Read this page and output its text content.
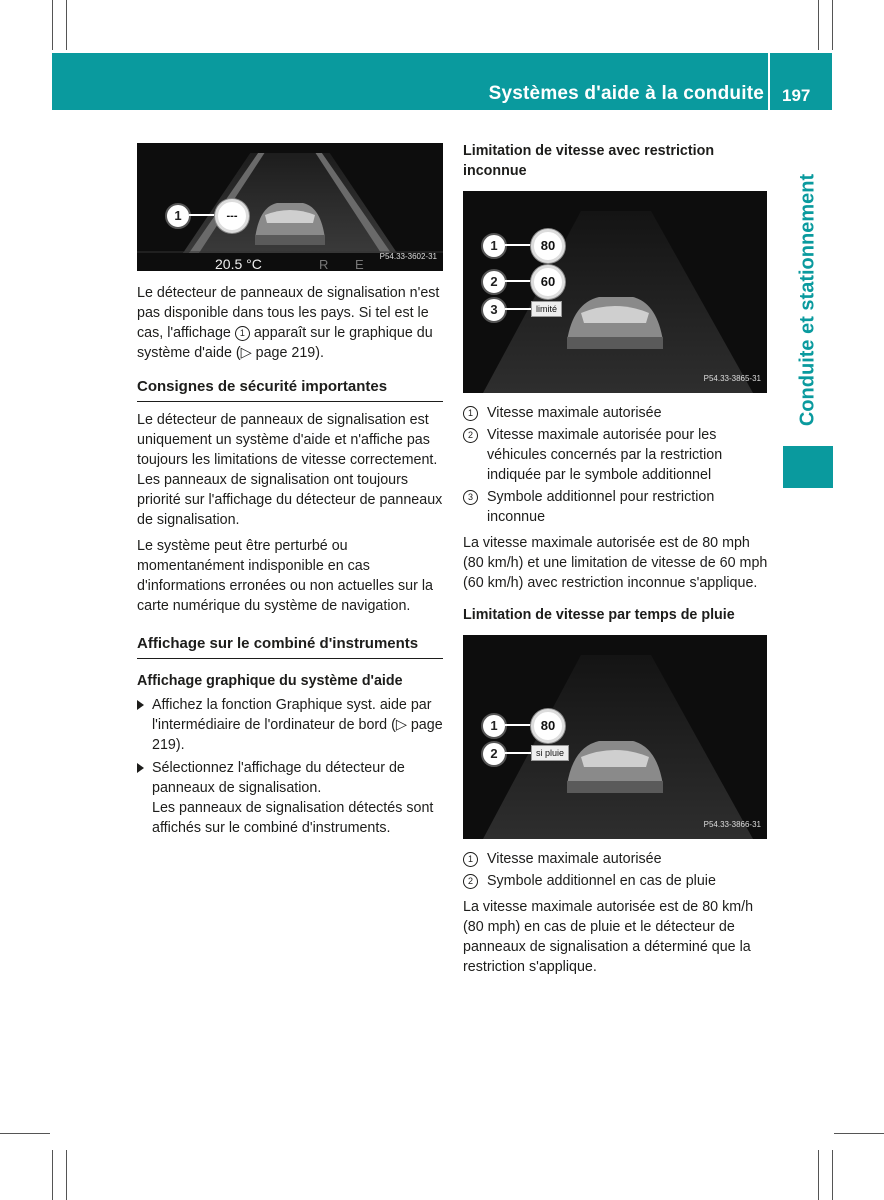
Systèmes d'aide à la conduite 197
Conduite et stationnement
1	---
20.5 °C	R E
P54.33-3602-31

Le détecteur de panneaux de signalisation n'est pas disponible dans tous les pays. Si tel est le cas, l'affichage 1 apparaît sur le graphique du système d'aide (▷ page 219).

Consignes de sécurité importantes

Le détecteur de panneaux de signalisation est uniquement un système d'aide et n'affiche pas toujours les limitations de vitesse correctement. Les panneaux de signalisation ont toujours priorité sur l'affichage du détecteur de panneaux de signalisation.

Le système peut être perturbé ou momentanément indisponible en cas d'informations erronées ou non actuelles sur la carte numérique du système de navigation.

Affichage sur le combiné d'instruments
Affichage graphique du système d'aide
Affichez la fonction Graphique syst. aide par l'intermédiaire de l'ordinateur de bord (▷ page 219).
Sélectionnez l'affichage du détecteur de panneaux de signalisation.
Les panneaux de signalisation détectés sont affichés sur le combiné d'instruments.
Limitation de vitesse avec restriction inconnue
1	80
2	60
3	limité
P54.33-3865-31
1 Vitesse maximale autorisée
2 Vitesse maximale autorisée pour les véhicules concernés par la restriction indiquée par le symbole additionnel
3 Symbole additionnel pour restriction inconnue

La vitesse maximale autorisée est de 80 mph (80 km/h) et une limitation de vitesse de 60 mph (60 km/h) avec restriction inconnue s'applique.

Limitation de vitesse par temps de pluie
1	80
2	si pluie
P54.33-3866-31
1 Vitesse maximale autorisée
2 Symbole additionnel en cas de pluie

La vitesse maximale autorisée est de 80 km/h (80 mph) en cas de pluie et le détecteur de panneaux de signalisation a déterminé que la restriction s'applique.
